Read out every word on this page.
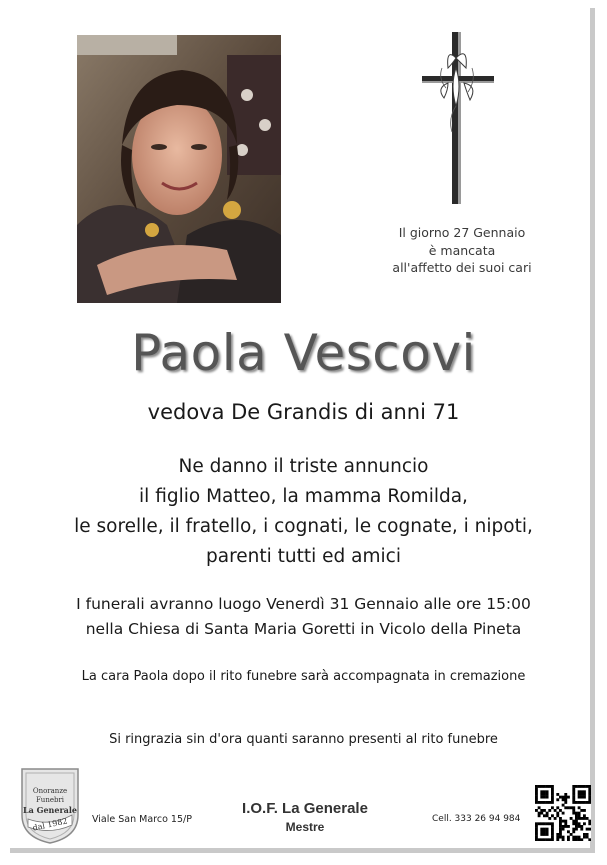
Il giorno 27 Gennaio
è mancata
all'affetto dei suoi cari
Paola Vescovi
vedova De Grandis di anni 71
Ne danno il triste annuncio
il figlio Matteo, la mamma Romilda,
le sorelle, il fratello, i cognati, le cognate, i nipoti,
parenti tutti ed amici
I funerali avranno luogo Venerdì 31 Gennaio alle ore 15:00
nella Chiesa di Santa Maria Goretti in Vicolo della Pineta
La cara Paola dopo il rito funebre sarà accompagnata in cremazione
Si ringrazia sin d'ora quanti saranno presenti al rito funebre
Onoranze
Funebri
La Generale
dal 1982	Viale San Marco 15/P
I.O.F. La Generale
Mestre
Cell. 333 26 94 984
